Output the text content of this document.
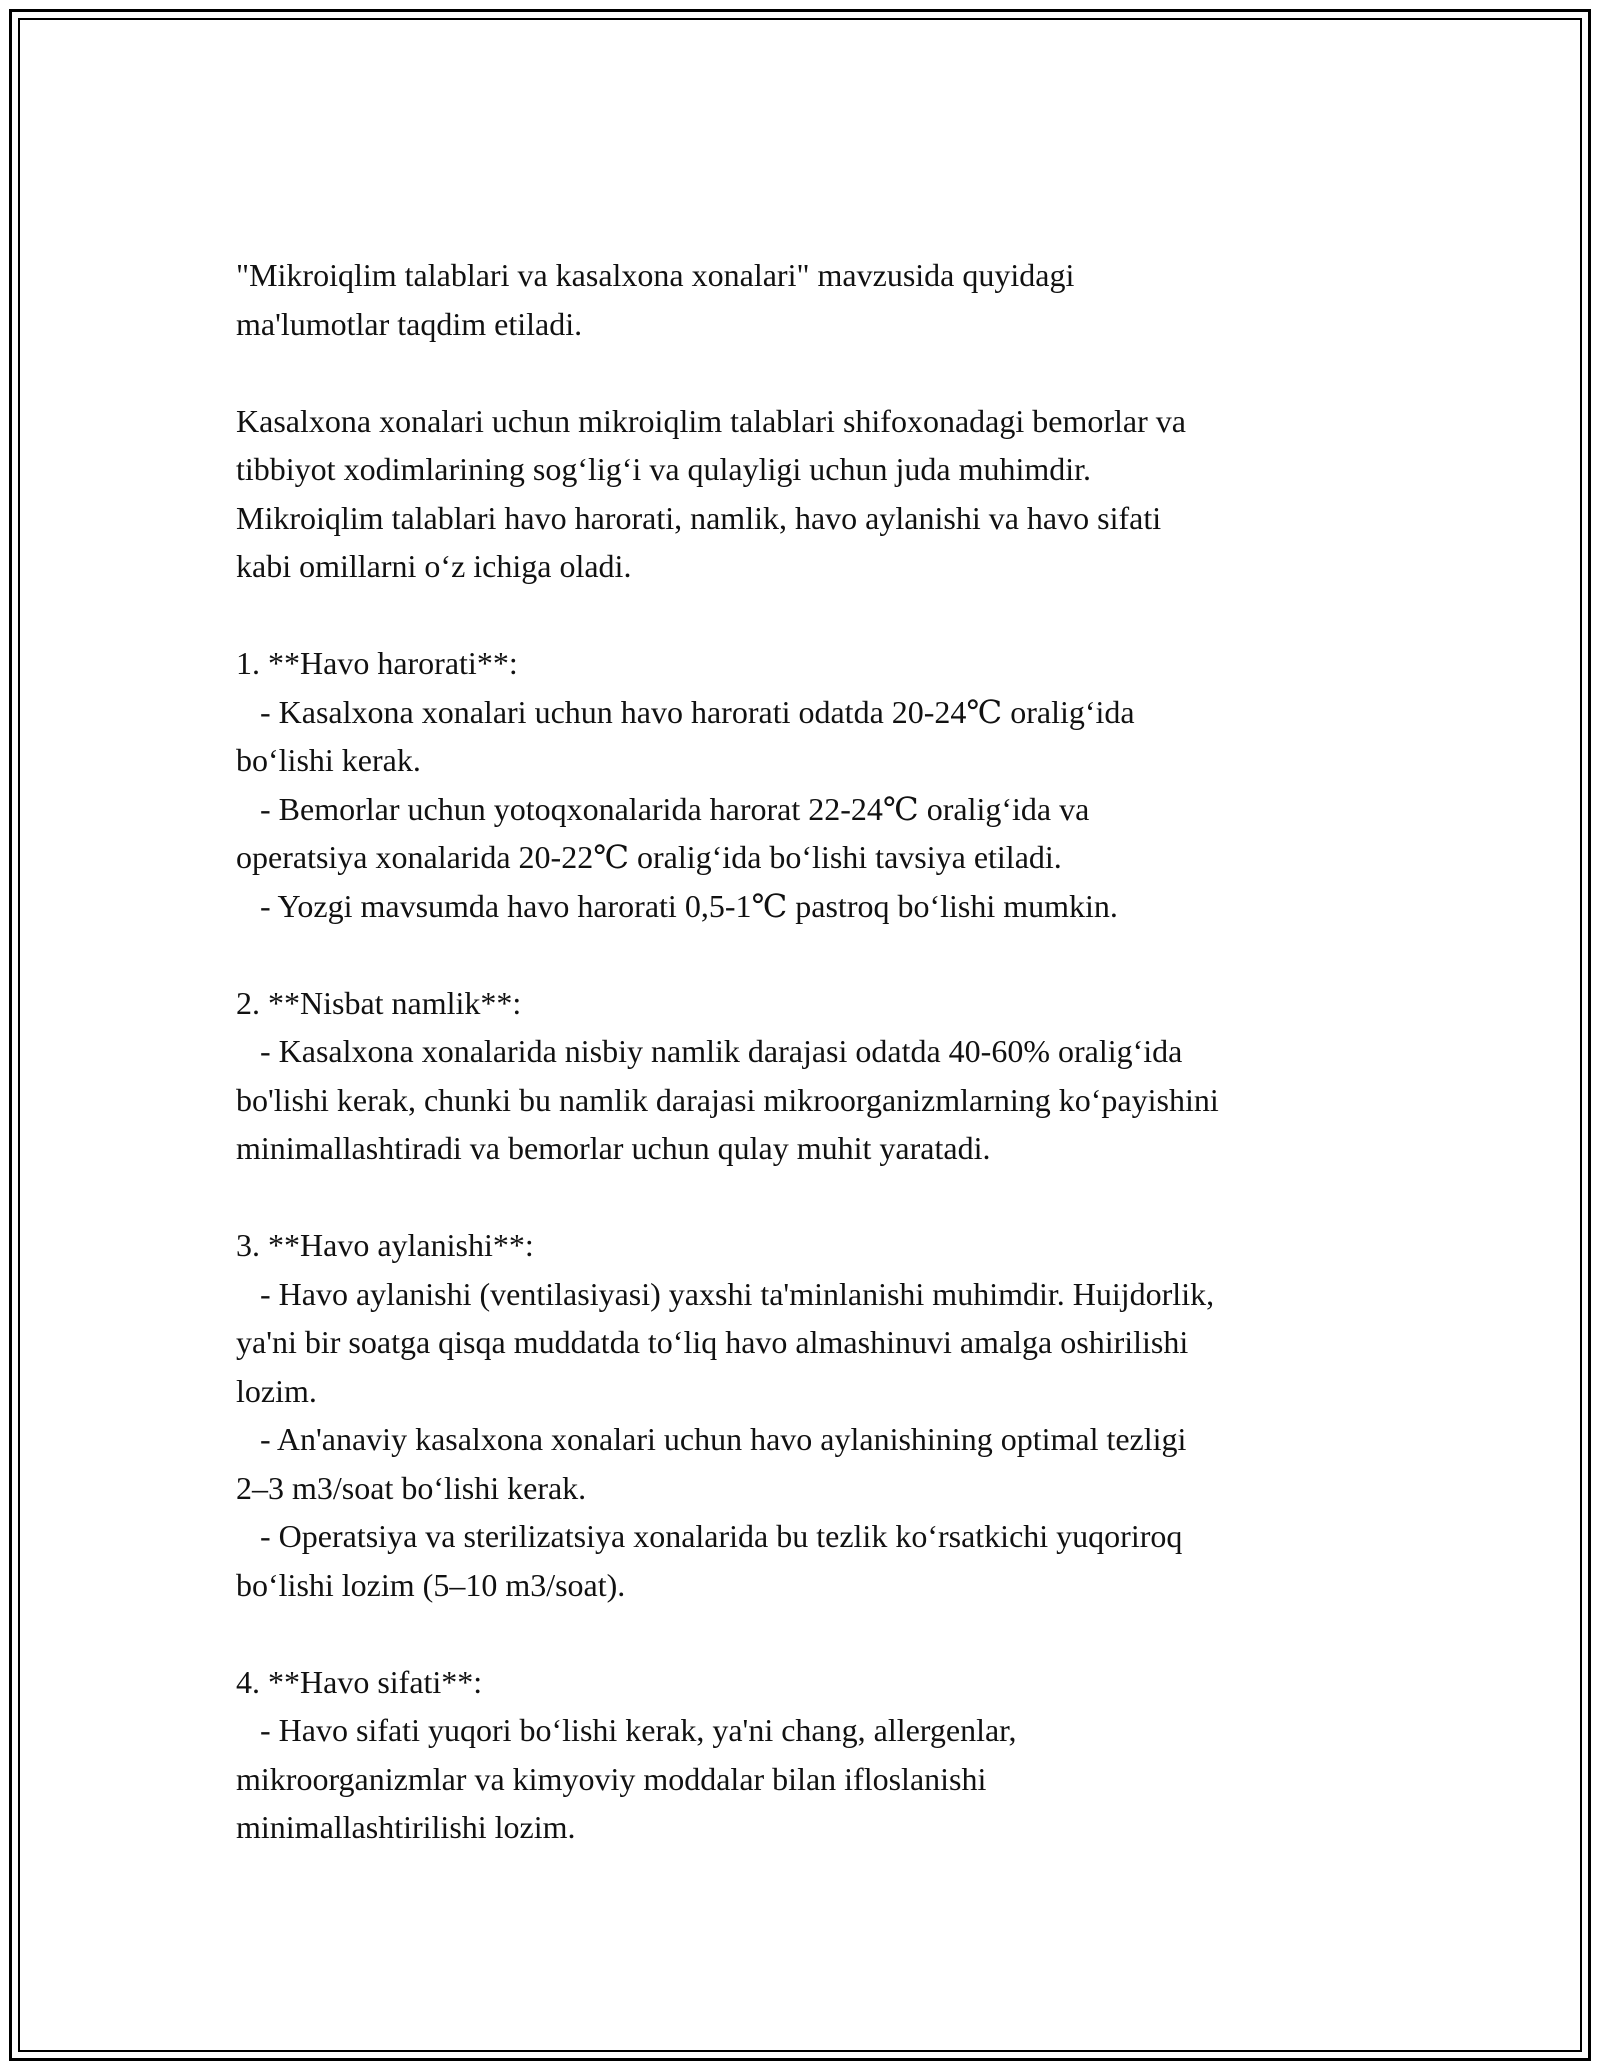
"Mikroiqlim talablari va kasalxona xonalari" mavzusida quyidagi
ma'lumotlar taqdim etiladi.
Kasalxona xonalari uchun mikroiqlim talablari shifoxonadagi bemorlar va
tibbiyot xodimlarining sog‘lig‘i va qulayligi uchun juda muhimdir.
Mikroiqlim talablari havo harorati, namlik, havo aylanishi va havo sifati
kabi omillarni o‘z ichiga oladi.
1. **Havo harorati**:
- Kasalxona xonalari uchun havo harorati odatda 20-24℃ oralig‘ida
bo‘lishi kerak.
- Bemorlar uchun yotoqxonalarida harorat 22-24℃ oralig‘ida va
operatsiya xonalarida 20-22℃ oralig‘ida bo‘lishi tavsiya etiladi.
- Yozgi mavsumda havo harorati 0,5-1℃ pastroq bo‘lishi mumkin.
2. **Nisbat namlik**:
- Kasalxona xonalarida nisbiy namlik darajasi odatda 40-60% oralig‘ida
bo'lishi kerak, chunki bu namlik darajasi mikroorganizmlarning ko‘payishini
minimallashtiradi va bemorlar uchun qulay muhit yaratadi.
3. **Havo aylanishi**:
- Havo aylanishi (ventilasiyasi) yaxshi ta'minlanishi muhimdir. Huijdorlik,
ya'ni bir soatga qisqa muddatda to‘liq havo almashinuvi amalga oshirilishi
lozim.
- An'anaviy kasalxona xonalari uchun havo aylanishining optimal tezligi
2–3 m3/soat bo‘lishi kerak.
- Operatsiya va sterilizatsiya xonalarida bu tezlik ko‘rsatkichi yuqoriroq
bo‘lishi lozim (5–10 m3/soat).
4. **Havo sifati**:
- Havo sifati yuqori bo‘lishi kerak, ya'ni chang, allergenlar,
mikroorganizmlar va kimyoviy moddalar bilan ifloslanishi
minimallashtirilishi lozim.
